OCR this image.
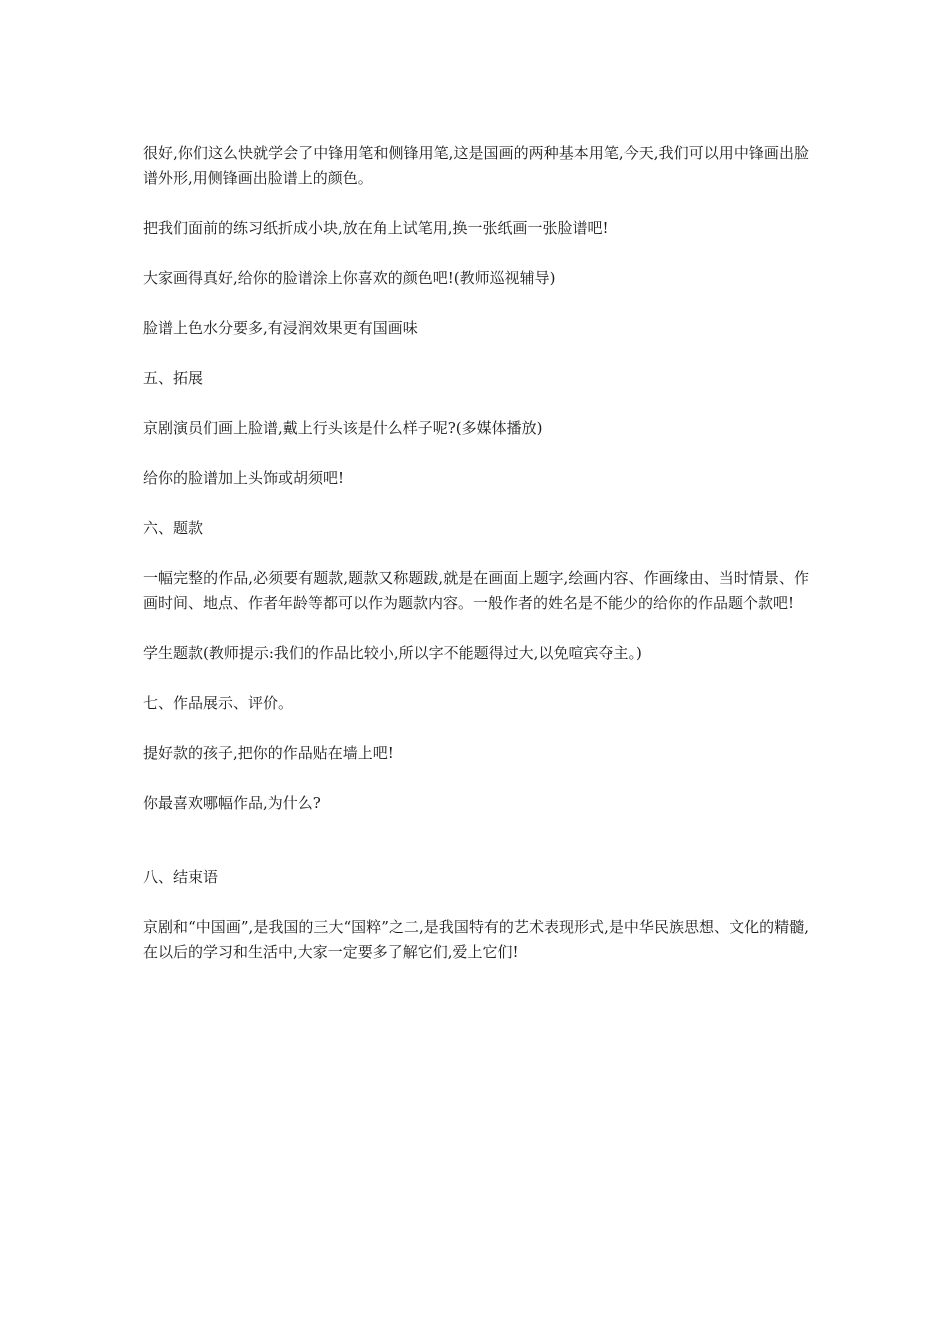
很好,你们这么快就学会了中锋用笔和侧锋用笔,这是国画的两种基本用笔,今天,我们可以用中锋画出脸谱外形,用侧锋画出脸谱上的颜色。

把我们面前的练习纸折成小块,放在角上试笔用,换一张纸画一张脸谱吧!

大家画得真好,给你的脸谱涂上你喜欢的颜色吧!(教师巡视辅导)

脸谱上色水分要多,有浸润效果更有国画味

五、拓展

京剧演员们画上脸谱,戴上行头该是什么样子呢?(多媒体播放)

给你的脸谱加上头饰或胡须吧!

六、题款

一幅完整的作品,必须要有题款,题款又称题跋,就是在画面上题字,绘画内容、作画缘由、当时情景、作画时间、地点、作者年龄等都可以作为题款内容。一般作者的姓名是不能少的给你的作品题个款吧!

学生题款(教师提示:我们的作品比较小,所以字不能题得过大,以免喧宾夺主。)

七、作品展示、评价。

提好款的孩子,把你的作品贴在墙上吧!

你最喜欢哪幅作品,为什么?

八、结束语

京剧和“中国画”,是我国的三大“国粹”之二,是我国特有的艺术表现形式,是中华民族思想、文化的精髓,在以后的学习和生活中,大家一定要多了解它们,爱上它们!
